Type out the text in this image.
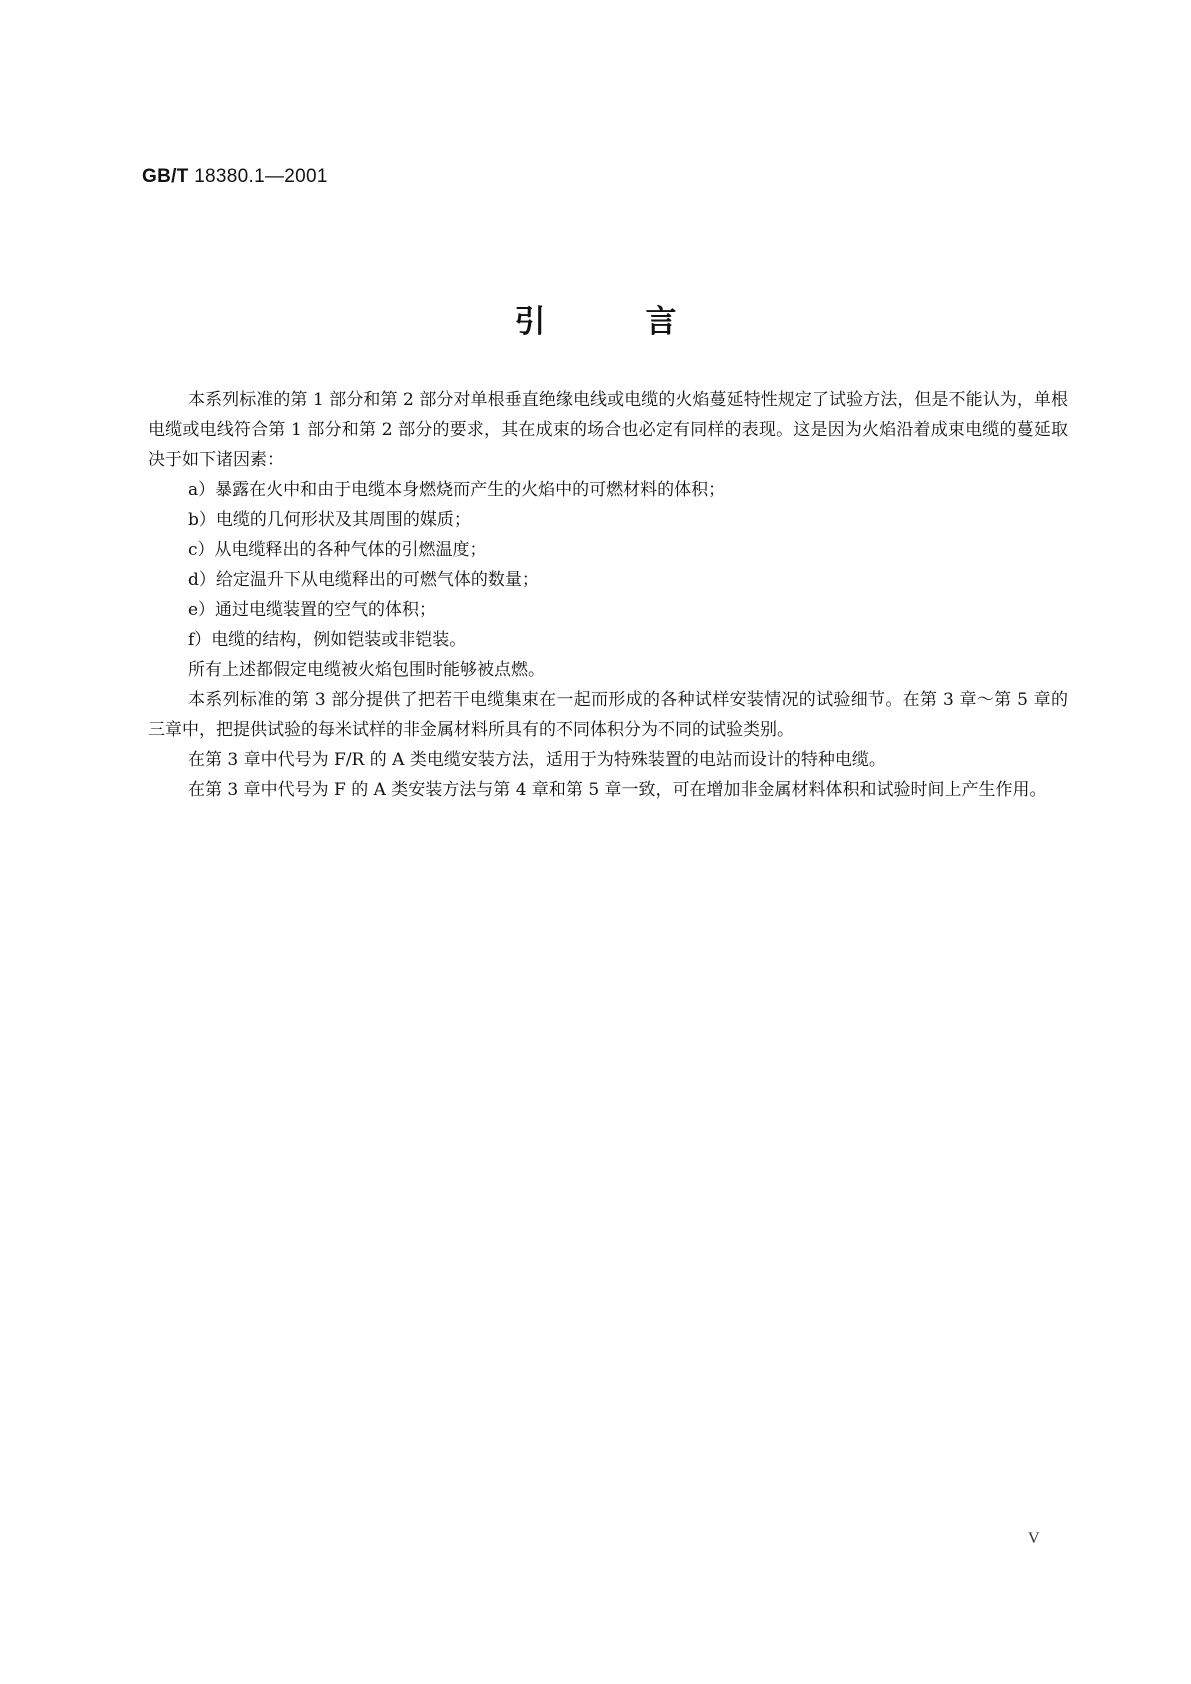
GB/T 18380.1—2001
引言

本系列标准的第 1 部分和第 2 部分对单根垂直绝缘电线或电缆的火焰蔓延特性规定了试验方法，但是不能认为，单根电缆或电线符合第 1 部分和第 2 部分的要求，其在成束的场合也必定有同样的表现。这是因为火焰沿着成束电缆的蔓延取决于如下诸因素：

a）暴露在火中和由于电缆本身燃烧而产生的火焰中的可燃材料的体积；

b）电缆的几何形状及其周围的媒质；

c）从电缆释出的各种气体的引燃温度；

d）给定温升下从电缆释出的可燃气体的数量；

e）通过电缆装置的空气的体积；

f）电缆的结构，例如铠装或非铠装。

所有上述都假定电缆被火焰包围时能够被点燃。

本系列标准的第 3 部分提供了把若干电缆集束在一起而形成的各种试样安装情况的试验细节。在第 3 章～第 5 章的三章中，把提供试验的每米试样的非金属材料所具有的不同体积分为不同的试验类别。

在第 3 章中代号为 F/R 的 A 类电缆安装方法，适用于为特殊装置的电站而设计的特种电缆。

在第 3 章中代号为 F 的 A 类安装方法与第 4 章和第 5 章一致，可在增加非金属材料体积和试验时间上产生作用。

V
